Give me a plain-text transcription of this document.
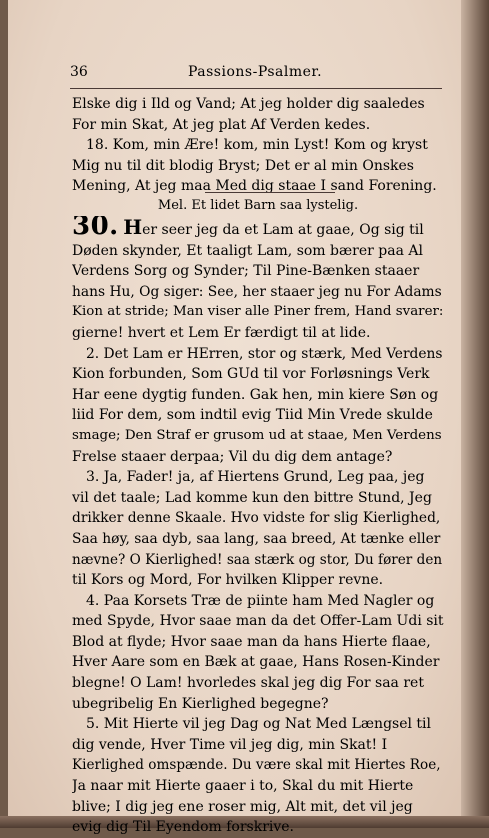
36	Passions-Psalmer.
Elske dig i Ild og Vand; At jeg holder dig saaledes
For min Skat, At jeg plat Af Verden kedes.
18. Kom, min Ære! kom, min Lyst! Kom og kryst
Mig nu til dit blodig Bryst; Det er al min Onskes
Mening, At jeg maa Med dig staae I sand Forening.
Mel. Et lidet Barn saa lystelig.
30. Her seer jeg da et Lam at gaae, Og sig til
Døden skynder, Et taaligt Lam, som bærer paa Al
Verdens Sorg og Synder; Til Pine-Bænken staaer
hans Hu, Og siger: See, her staaer jeg nu For Adams
Kion at stride; Man viser alle Piner frem, Hand svarer:
gierne! hvert et Lem Er færdigt til at lide.
2. Det Lam er HErren, stor og stærk, Med Verdens
Kion forbunden, Som GUd til vor Forløsnings Verk
Har eene dygtig funden. Gak hen, min kiere Søn og
liid For dem, som indtil evig Tiid Min Vrede skulde
smage; Den Straf er grusom ud at staae, Men Verdens
Frelse staaer derpaa; Vil du dig dem antage?
3. Ja, Fader! ja, af Hiertens Grund, Leg paa, jeg
vil det taale; Lad komme kun den bittre Stund, Jeg
drikker denne Skaale. Hvo vidste for slig Kierlighed,
Saa høy, saa dyb, saa lang, saa breed, At tænke eller
nævne? O Kierlighed! saa stærk og stor, Du fører den
til Kors og Mord, For hvilken Klipper revne.
4. Paa Korsets Træ de piinte ham Med Nagler og
med Spyde, Hvor saae man da det Offer-Lam Udi sit
Blod at flyde; Hvor saae man da hans Hierte flaae,
Hver Aare som en Bæk at gaae, Hans Rosen-Kinder
blegne! O Lam! hvorledes skal jeg dig For saa ret
ubegribelig En Kierlighed begegne?
5. Mit Hierte vil jeg Dag og Nat Med Længsel til
dig vende, Hver Time vil jeg dig, min Skat! I
Kierlighed omspænde. Du være skal mit Hiertes Roe,
Ja naar mit Hierte gaaer i to, Skal du mit Hierte
blive; I dig jeg ene roser mig, Alt mit, det vil jeg
evig dig Til Eyendom forskrive.
